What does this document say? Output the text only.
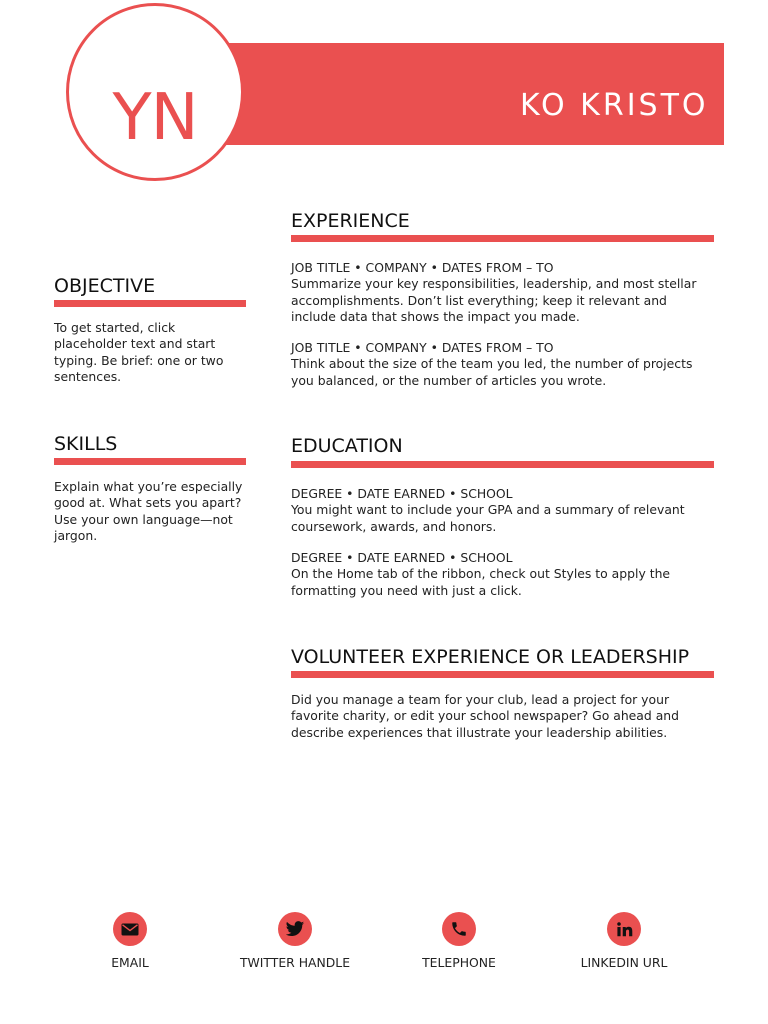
KO KRISTO
YN
OBJECTIVE
To get started, click placeholder text and start typing. Be brief: one or two sentences.
SKILLS
Explain what you’re especially good at. What sets you apart? Use your own language—not jargon.
EXPERIENCE
JOB TITLE • COMPANY • DATES FROM – TO
Summarize your key responsibilities, leadership, and most stellar accomplishments. Don’t list everything; keep it relevant and include data that shows the impact you made.
JOB TITLE • COMPANY • DATES FROM – TO
Think about the size of the team you led, the number of projects you balanced, or the number of articles you wrote.
EDUCATION
DEGREE • DATE EARNED • SCHOOL
You might want to include your GPA and a summary of relevant coursework, awards, and honors.
DEGREE • DATE EARNED • SCHOOL
On the Home tab of the ribbon, check out Styles to apply the formatting you need with just a click.
VOLUNTEER EXPERIENCE OR LEADERSHIP
Did you manage a team for your club, lead a project for your favorite charity, or edit your school newspaper? Go ahead and describe experiences that illustrate your leadership abilities.
EMAIL	TWITTER HANDLE	TELEPHONE	LINKEDIN URL
